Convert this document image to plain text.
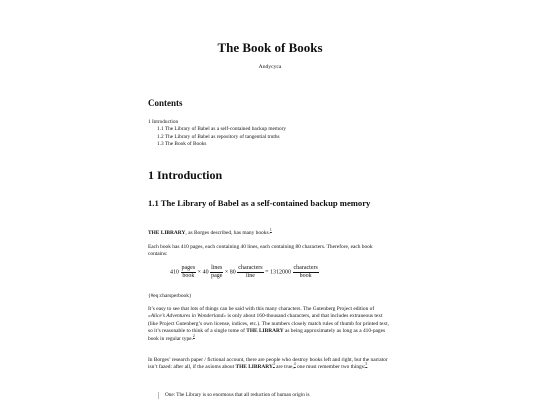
The Book of Books
Andycyca
Contents
1 Introduction
1.1 The Library of Babel as a self-contained backup memory
1.2 The Library of Babel as repository of tangential truths
1.3 The Book of Books
1 Introduction
1.1 The Library of Babel as a self-contained backup memory
THE LIBRARY, as Borges described, has many books.$^1$
Each book has 410 pages, each containing 40 lines, each containing 80 characters. Therefore, each book contains:
$410 \frac{\text{pages}}{\text{book}} \times 40 \frac{\text{lines}}{\text{page}} \times 80 \frac{\text{characters}}{\text{line}} = 1312000 \frac{\text{characters}}{\text{book}}$
{#eq:charsperbook}
It’s easy to see that lots of things can be said with this many characters. The Gutenberg Project edition of «Alice’s Adventures in Wonderland» is only about 160-thousand characters, and that includes extraneous text (like Project Gutenberg’s own license, indices, etc.). The numbers closely match rules of thumb for printed text, so it’s reasonable to think of a single tome of THE LIBRARY as being approximately as long as a 410-pages book in regular type.$^2$
In Borges’ research paper / fictional account, there are people who destroy books left and right, but the narrator isn’t fazed: after all, if the axioms about THE LIBRARY$^3$ are true,$^4$ one must remember two things:$^5$
One: The Library is so enormous that all reduction of human origin is
